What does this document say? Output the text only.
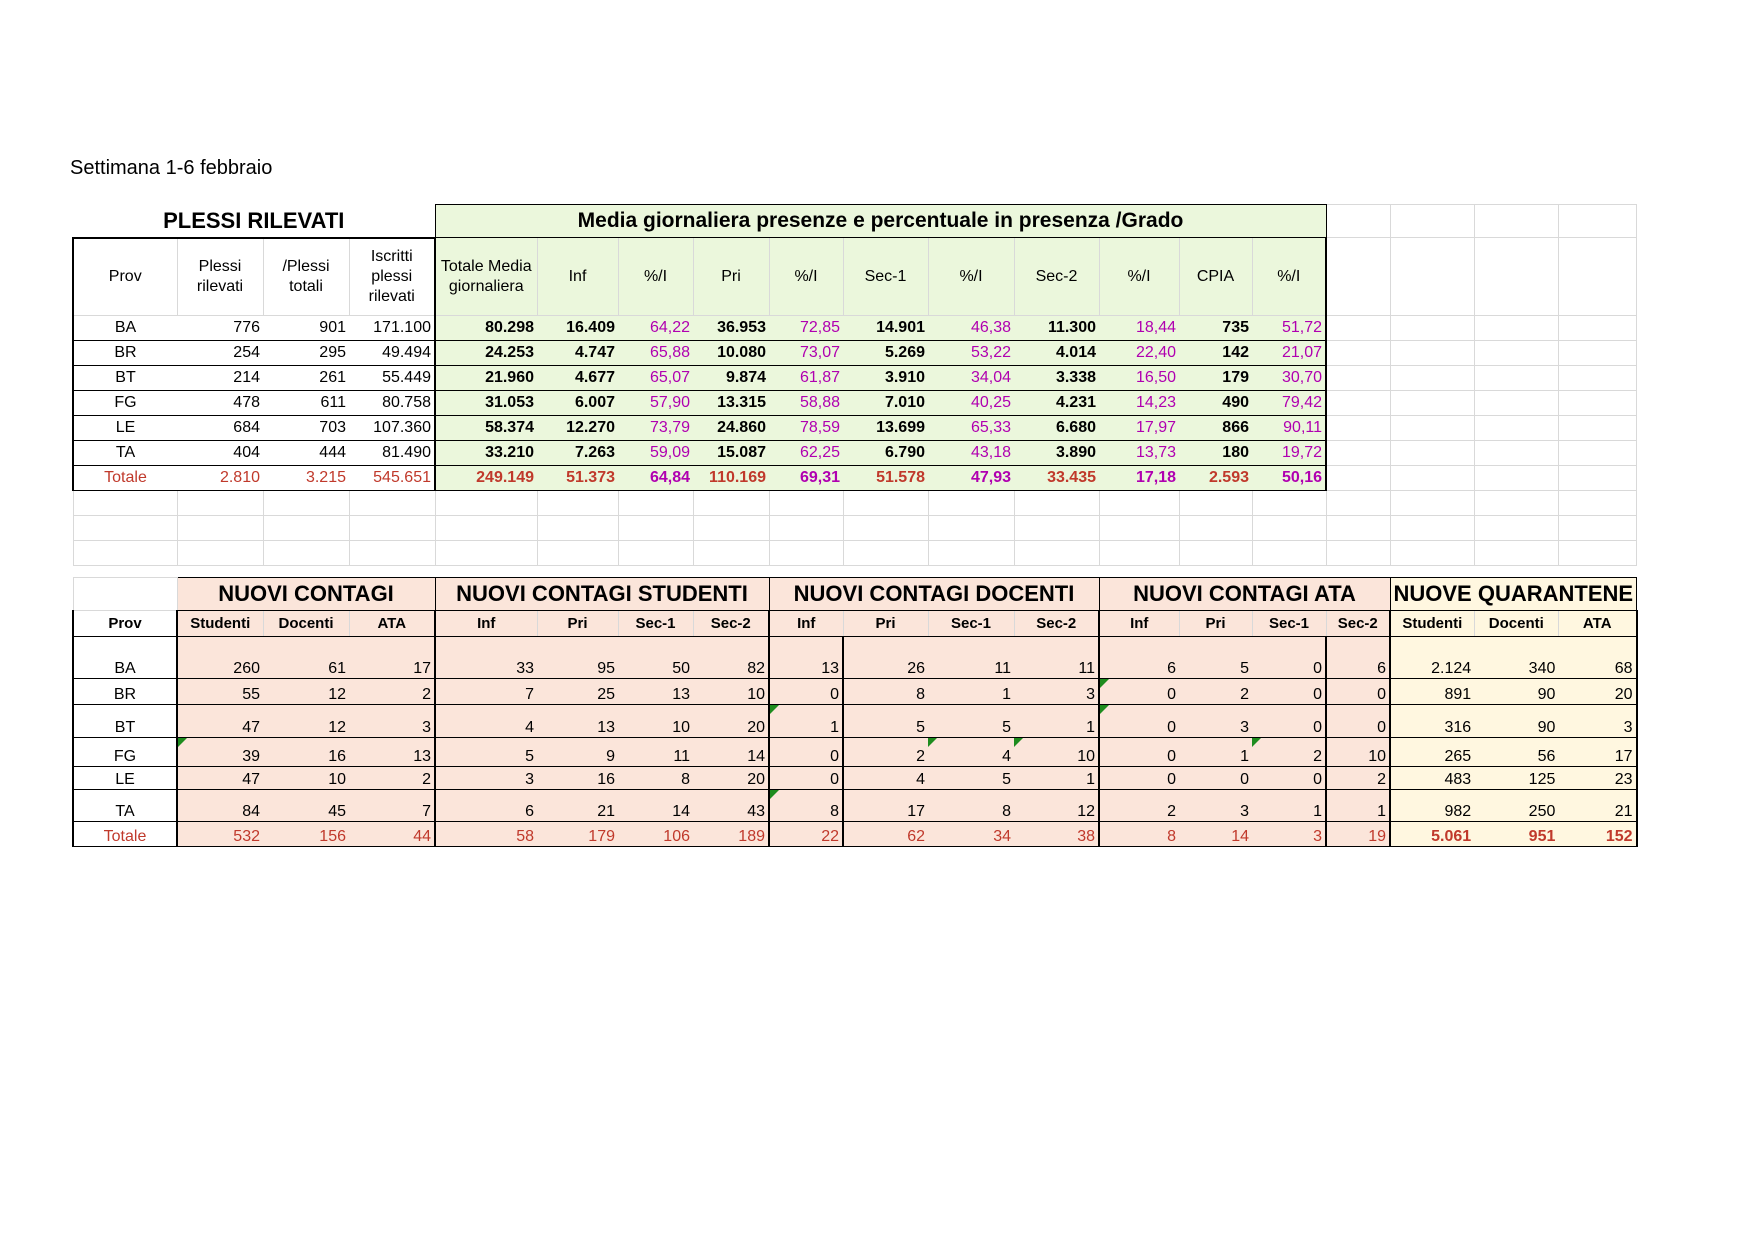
Settimana 1-6 febbraio
PLESSI RILEVATI				Media giornaliera presenze e percentuale in presenza /Grado														
Prov	Plessi rilevati	/Plessi totali	Iscritti plessi rilevati	Totale Media giornaliera	Inf	%/I	Pri	%/I	Sec-1	%/I	Sec-2	%/I	CPIA	%/I				
BA	776	901	171.100	80.298	16.409	64,22	36.953	72,85	14.901	46,38	11.300	18,44	735	51,72				
BR	254	295	49.494	24.253	4.747	65,88	10.080	73,07	5.269	53,22	4.014	22,40	142	21,07				
BT	214	261	55.449	21.960	4.677	65,07	9.874	61,87	3.910	34,04	3.338	16,50	179	30,70				
FG	478	611	80.758	31.053	6.007	57,90	13.315	58,88	7.010	40,25	4.231	14,23	490	79,42				
LE	684	703	107.360	58.374	12.270	73,79	24.860	78,59	13.699	65,33	6.680	17,97	866	90,11				
TA	404	444	81.490	33.210	7.263	59,09	15.087	62,25	6.790	43,18	3.890	13,73	180	19,72				
Totale	2.810	3.215	545.651	249.149	51.373	64,84	110.169	69,31	51.578	47,93	33.435	17,18	2.593	50,16				

	NUOVI CONTAGI			NUOVI CONTAGI STUDENTI				NUOVI CONTAGI DOCENTI				NUOVI CONTAGI ATA				NUOVE QUARANTENE		
Prov	Studenti	Docenti	ATA	Inf	Pri	Sec-1	Sec-2	Inf	Pri	Sec-1	Sec-2	Inf	Pri	Sec-1	Sec-2	Studenti	Docenti	ATA
BA	260	61	17	33	95	50	82	13	26	11	11	6	5	0	6	2.124	340	68
BR	55	12	2	7	25	13	10	0	8	1	3	0	2	0	0	891	90	20
BT	47	12	3	4	13	10	20	1	5	5	1	0	3	0	0	316	90	3
FG	39	16	13	5	9	11	14	0	2	4	10	0	1	2	10	265	56	17
LE	47	10	2	3	16	8	20	0	4	5	1	0	0	0	2	483	125	23
TA	84	45	7	6	21	14	43	8	17	8	12	2	3	1	1	982	250	21
Totale	532	156	44	58	179	106	189	22	62	34	38	8	14	3	19	5.061	951	152
